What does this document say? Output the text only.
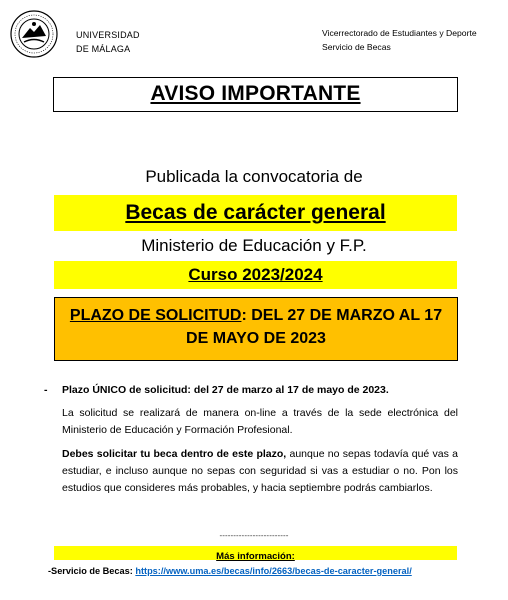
UNIVERSIDAD
DE MÁLAGA
Vicerrectorado de Estudiantes y Deporte
Servicio de Becas
AVISO IMPORTANTE
Publicada la convocatoria de
Becas de carácter general
Ministerio de Educación y F.P.
Curso 2023/2024
PLAZO DE SOLICITUD: DEL 27 DE MARZO AL 17
DE MAYO DE 2023
- Plazo ÚNICO de solicitud: del 27 de marzo al 17 de mayo de 2023.
La solicitud se realizará de manera on-line a través de la sede electrónica del Ministerio de Educación y Formación Profesional.
Debes solicitar tu beca dentro de este plazo, aunque no sepas todavía qué vas a estudiar, e incluso aunque no sepas con seguridad si vas a estudiar o no. Pon los estudios que consideres más probables, y hacia septiembre podrás cambiarlos.
-------------------------
Más información:
-Servicio de Becas: https://www.uma.es/becas/info/2663/becas-de-caracter-general/
